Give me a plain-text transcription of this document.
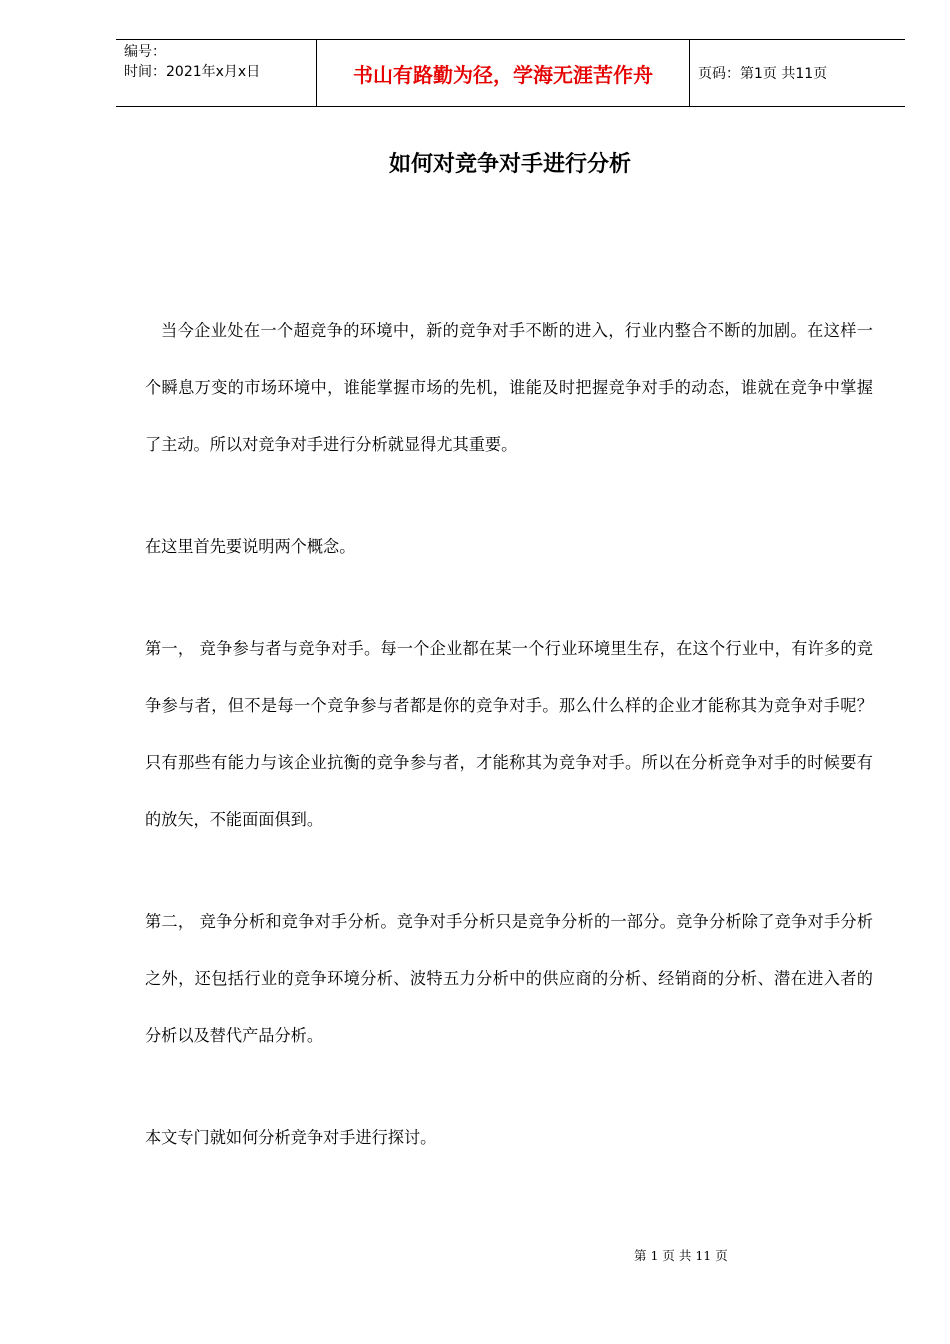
编号：
时间：2021年x月x日	书山有路勤为径，学海无涯苦作舟	页码：第1页 共11页
如何对竞争对手进行分析

当今企业处在一个超竞争的环境中，新的竞争对手不断的进入，行业内整合不断的加剧。在这样一个瞬息万变的市场环境中，谁能掌握市场的先机，谁能及时把握竞争对手的动态，谁就在竞争中掌握了主动。所以对竞争对手进行分析就显得尤其重要。

在这里首先要说明两个概念。

第一， 竞争参与者与竞争对手。每一个企业都在某一个行业环境里生存，在这个行业中，有许多的竞争参与者，但不是每一个竞争参与者都是你的竞争对手。那么什么样的企业才能称其为竞争对手呢？只有那些有能力与该企业抗衡的竞争参与者，才能称其为竞争对手。所以在分析竞争对手的时候要有的放矢，不能面面俱到。

第二， 竞争分析和竞争对手分析。竞争对手分析只是竞争分析的一部分。竞争分析除了竞争对手分析之外，还包括行业的竞争环境分析、波特五力分析中的供应商的分析、经销商的分析、潜在进入者的分析以及替代产品分析。

本文专门就如何分析竞争对手进行探讨。

第 1 页 共 11 页
